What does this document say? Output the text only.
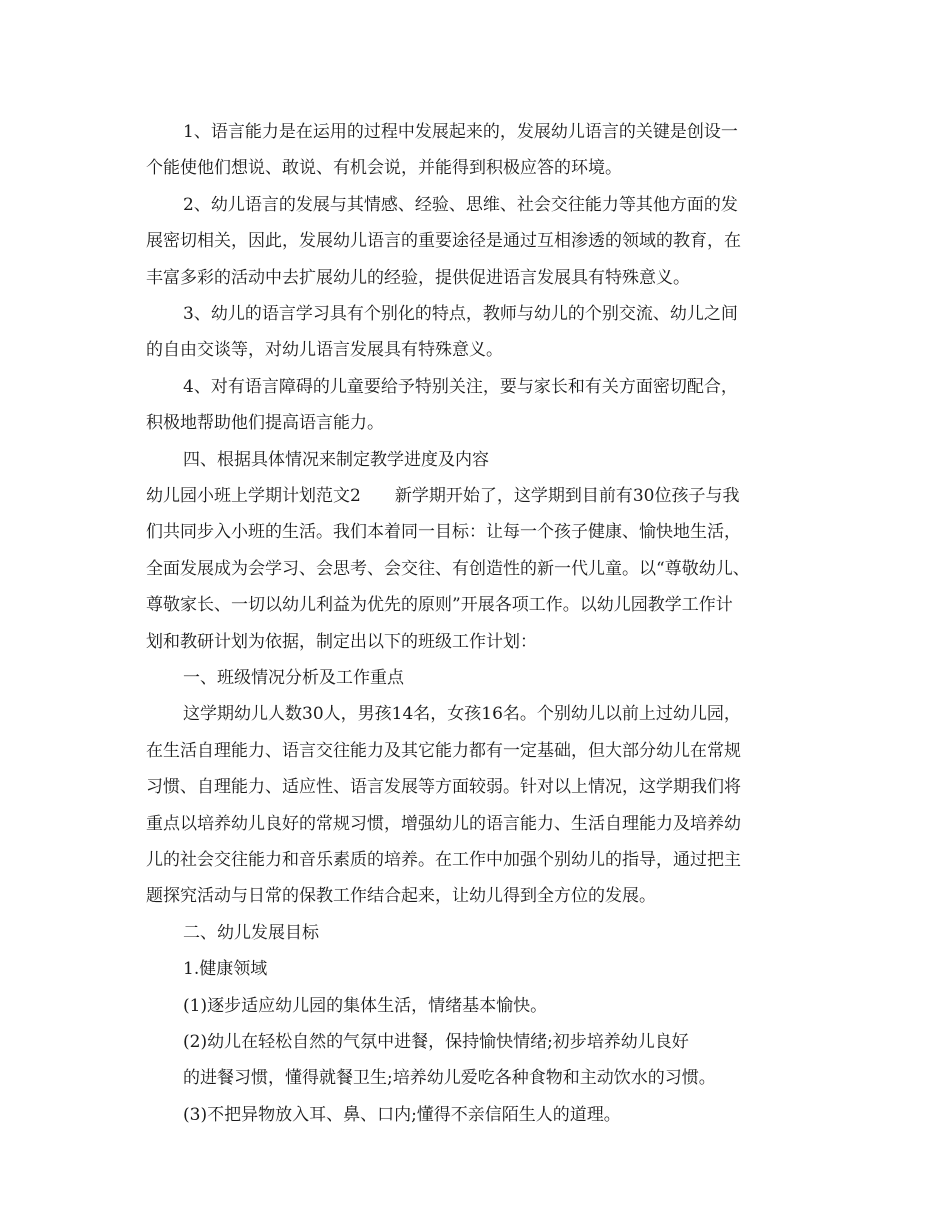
1、语言能力是在运用的过程中发展起来的，发展幼儿语言的关键是创设一
个能使他们想说、敢说、有机会说，并能得到积极应答的环境。
2、幼儿语言的发展与其情感、经验、思维、社会交往能力等其他方面的发
展密切相关，因此，发展幼儿语言的重要途径是通过互相渗透的领域的教育，在
丰富多彩的活动中去扩展幼儿的经验，提供促进语言发展具有特殊意义。
3、幼儿的语言学习具有个别化的特点，教师与幼儿的个别交流、幼儿之间
的自由交谈等，对幼儿语言发展具有特殊意义。
4、对有语言障碍的儿童要给予特别关注，要与家长和有关方面密切配合，
积极地帮助他们提高语言能力。
四、根据具体情况来制定教学进度及内容
幼儿园小班上学期计划范文2　　新学期开始了，这学期到目前有30位孩子与我
们共同步入小班的生活。我们本着同一目标：让每一个孩子健康、愉快地生活，
全面发展成为会学习、会思考、会交往、有创造性的新一代儿童。以“尊敬幼儿、
尊敬家长、一切以幼儿利益为优先的原则”开展各项工作。以幼儿园教学工作计
划和教研计划为依据，制定出以下的班级工作计划：
一、班级情况分析及工作重点
这学期幼儿人数30人，男孩14名，女孩16名。个别幼儿以前上过幼儿园，
在生活自理能力、语言交往能力及其它能力都有一定基础，但大部分幼儿在常规
习惯、自理能力、适应性、语言发展等方面较弱。针对以上情况，这学期我们将
重点以培养幼儿良好的常规习惯，增强幼儿的语言能力、生活自理能力及培养幼
儿的社会交往能力和音乐素质的培养。在工作中加强个别幼儿的指导，通过把主
题探究活动与日常的保教工作结合起来，让幼儿得到全方位的发展。
二、幼儿发展目标
1.健康领域
(1)逐步适应幼儿园的集体生活，情绪基本愉快。
(2)幼儿在轻松自然的气氛中进餐，保持愉快情绪;初步培养幼儿良好
的进餐习惯，懂得就餐卫生;培养幼儿爱吃各种食物和主动饮水的习惯。
(3)不把异物放入耳、鼻、口内;懂得不亲信陌生人的道理。
